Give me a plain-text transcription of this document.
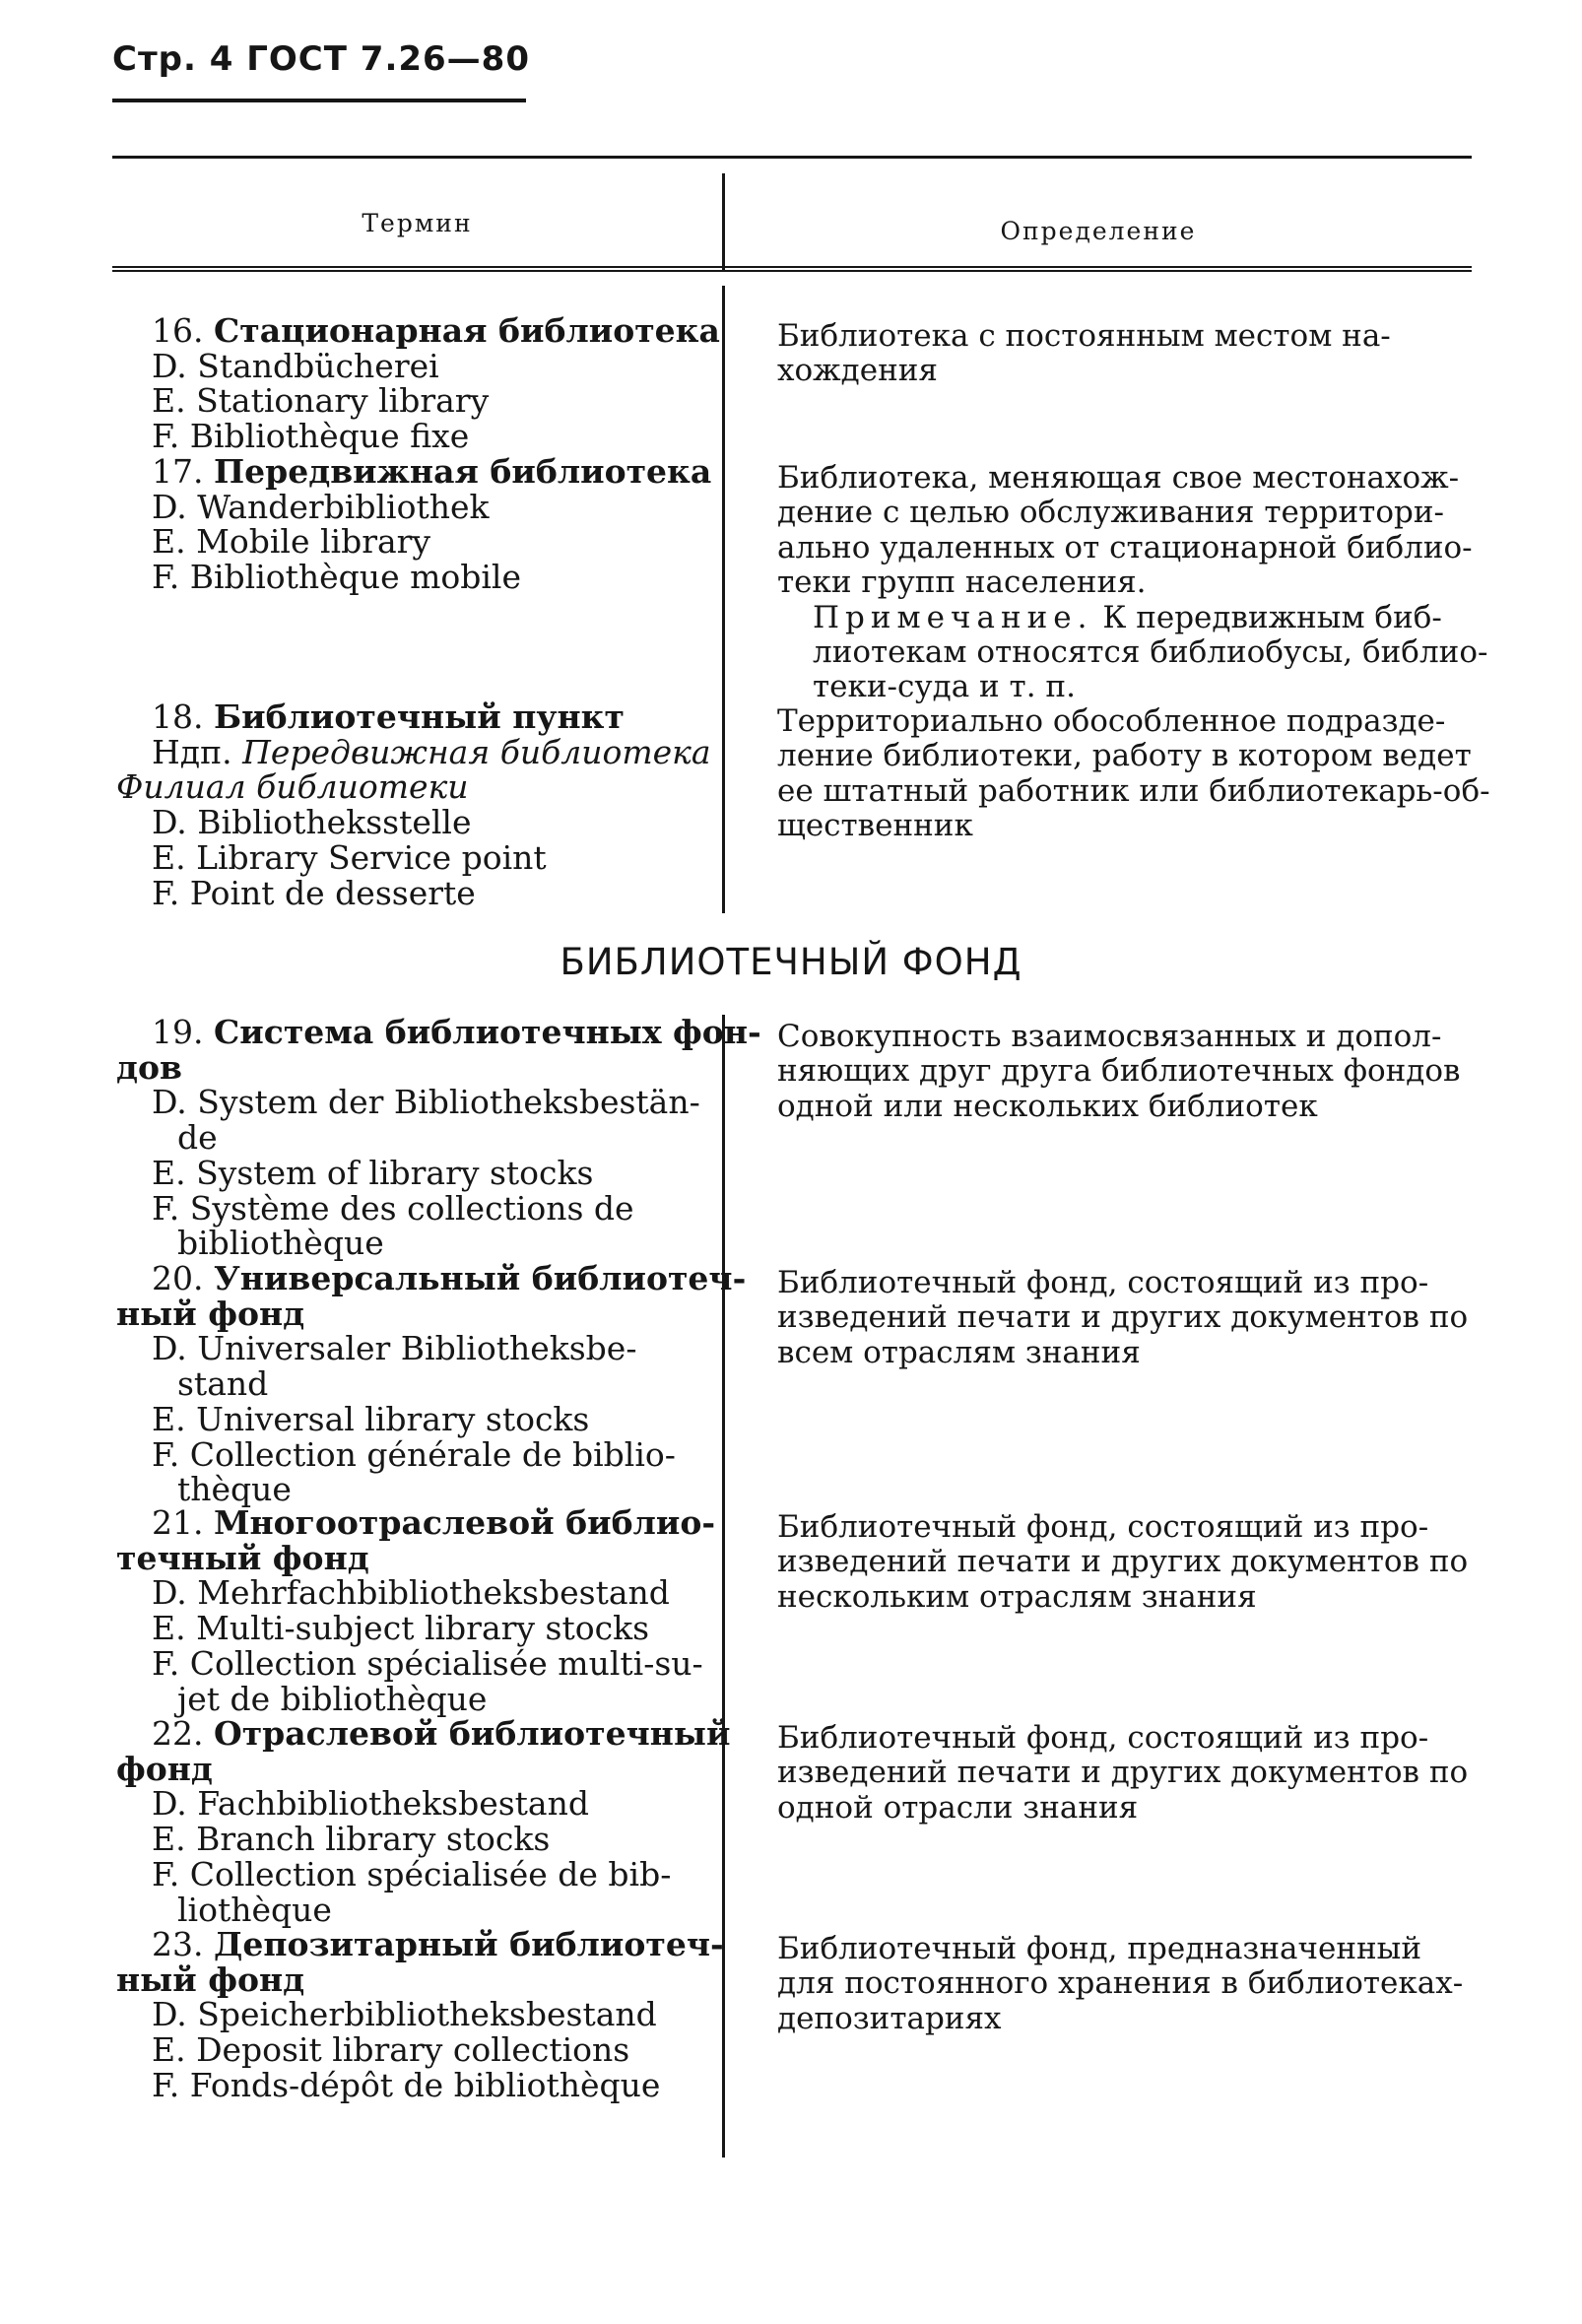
Стр. 4 ГОСТ 7.26—80
Термин	Определение
16. Стационарная библиотека
D. Standbücherei
E. Stationary library
F. Bibliothèque fixe
Библиотека с постоянным местом на-
хождения
17. Передвижная библиотека
D. Wanderbibliothek
E. Mobile library
F. Bibliothèque mobile
Библиотека, меняющая свое местонахож-
дение с целью обслуживания территори-
ально удаленных от стационарной библио-
теки групп населения.
Примечание. К передвижным биб-
лиотекам относятся библиобусы, библио-
теки-суда и т. п.
18. Библиотечный пункт
Ндп. Передвижная библиотека
Филиал библиотеки
D. Bibliotheksstelle
E. Library Service point
F. Point de desserte
Территориально обособленное подразде-
ление библиотеки, работу в котором ведет
ее штатный работник или библиотекарь-об-
щественник
БИБЛИОТЕЧНЫЙ ФОНД
19. Система библиотечных фон-
дов
D. System der Bibliotheksbestän-
de
E. System of library stocks
F. Système des collections de
bibliothèque
Совокупность взаимосвязанных и допол-
няющих друг друга библиотечных фондов
одной или нескольких библиотек
20. Универсальный библиотеч-
ный фонд
D. Universaler Bibliotheksbe-
stand
E. Universal library stocks
F. Collection générale de biblio-
thèque
Библиотечный фонд, состоящий из про-
изведений печати и других документов по
всем отраслям знания
21. Многоотраслевой библио-
течный фонд
D. Mehrfachbibliotheksbestand
E. Multi-subject library stocks
F. Collection spécialisée multi-su-
jet de bibliothèque
Библиотечный фонд, состоящий из про-
изведений печати и других документов по
нескольким отраслям знания
22. Отраслевой библиотечный
фонд
D. Fachbibliotheksbestand
E. Branch library stocks
F. Collection spécialisée de bib-
liothèque
Библиотечный фонд, состоящий из про-
изведений печати и других документов по
одной отрасли знания
23. Депозитарный библиотеч-
ный фонд
D. Speicherbibliotheksbestand
E. Deposit library collections
F. Fonds-dépôt de bibliothèque
Библиотечный фонд, предназначенный
для постоянного хранения в библиотеках-
депозитариях
